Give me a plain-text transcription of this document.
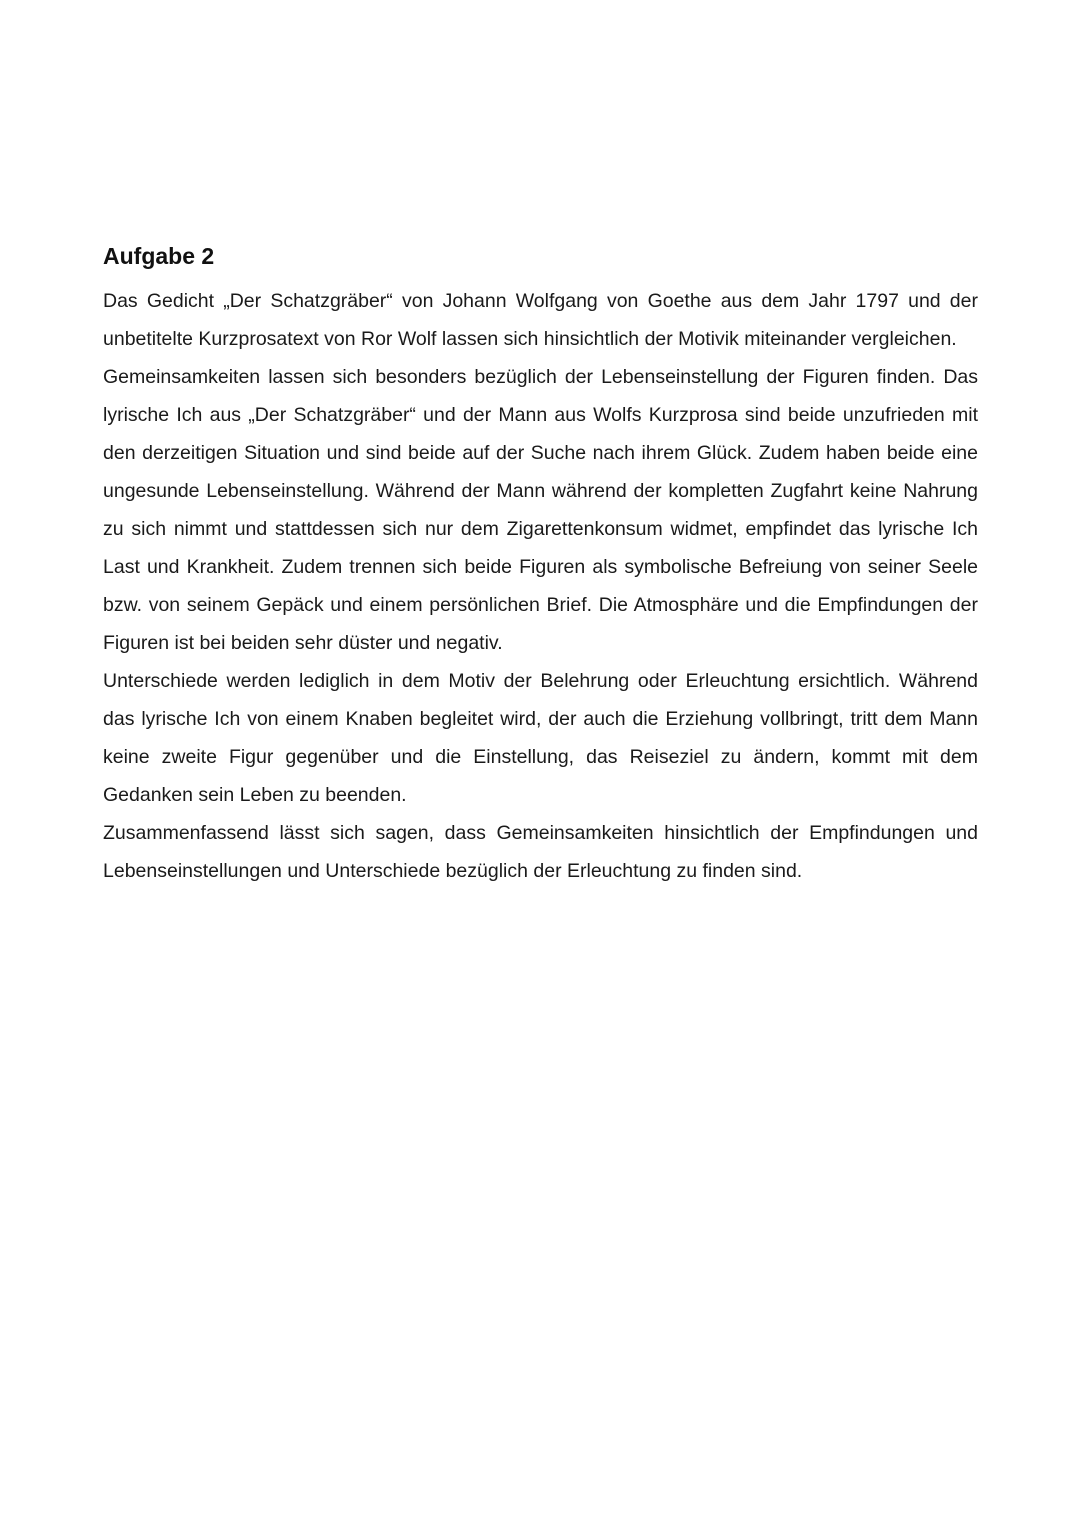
Aufgabe 2

Das Gedicht „Der Schatzgräber“ von Johann Wolfgang von Goethe aus dem Jahr 1797 und der unbetitelte Kurzprosatext von Ror Wolf lassen sich hinsichtlich der Motivik miteinander vergleichen.

Gemeinsamkeiten lassen sich besonders bezüglich der Lebenseinstellung der Figuren finden. Das lyrische Ich aus „Der Schatzgräber“ und der Mann aus Wolfs Kurzprosa sind beide unzufrieden mit den derzeitigen Situation und sind beide auf der Suche nach ihrem Glück. Zudem haben beide eine ungesunde Lebenseinstellung. Während der Mann während der kompletten Zugfahrt keine Nahrung zu sich nimmt und stattdessen sich nur dem Zigarettenkonsum widmet, empfindet das lyrische Ich Last und Krankheit. Zudem trennen sich beide Figuren als symbolische Befreiung von seiner Seele bzw. von seinem Gepäck und einem persönlichen Brief. Die Atmosphäre und die Empfindungen der Figuren ist bei beiden sehr düster und negativ.

Unterschiede werden lediglich in dem Motiv der Belehrung oder Erleuchtung ersichtlich. Während das lyrische Ich von einem Knaben begleitet wird, der auch die Erziehung vollbringt, tritt dem Mann keine zweite Figur gegenüber und die Einstellung, das Reiseziel zu ändern, kommt mit dem Gedanken sein Leben zu beenden.

Zusammenfassend lässt sich sagen, dass Gemeinsamkeiten hinsichtlich der Empfindungen und Lebenseinstellungen und Unterschiede bezüglich der Erleuchtung zu finden sind.
